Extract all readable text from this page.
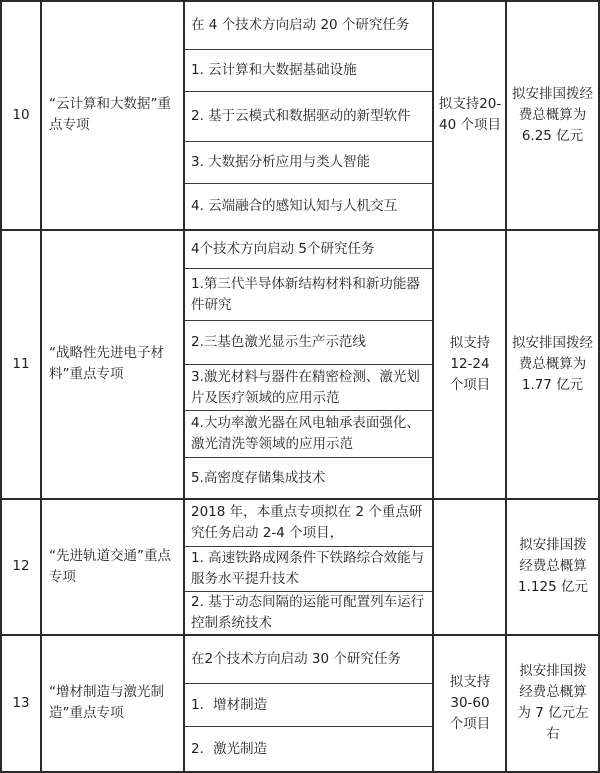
10
“云计算和大数据”重点专项
在 4 个技术方向启动 20 个研究任务
1. 云计算和大数据基础设施
2. 基于云模式和数据驱动的新型软件
3. 大数据分析应用与类人智能
4. 云端融合的感知认知与人机交互
拟支持20-40 个项目
拟安排国拨经费总概算为 6.25 亿元
11
“战略性先进电子材料”重点专项
4个技术方向启动 5个研究任务
1.第三代半导体新结构材料和新功能器件研究
2.三基色激光显示生产示范线
3.激光材料与器件在精密检测、激光划片及医疗领域的应用示范
4.大功率激光器在风电轴承表面强化、激光清洗等领域的应用示范
5.高密度存储集成技术
拟支持 12-24 个项目
拟安排国拨经费总概算为 1.77 亿元
12
“先进轨道交通”重点专项
2018 年，本重点专项拟在 2 个重点研究任务启动 2-4 个项目，
1. 高速铁路成网条件下铁路综合效能与服务水平提升技术
2. 基于动态间隔的运能可配置列车运行控制系统技术
拟安排国拨经费总概算 1.125 亿元
13
“增材制造与激光制造”重点专项
在2个技术方向启动 30 个研究任务
1．增材制造
2．激光制造
拟支持 30-60 个项目
拟安排国拨经费总概算为 7 亿元左右
